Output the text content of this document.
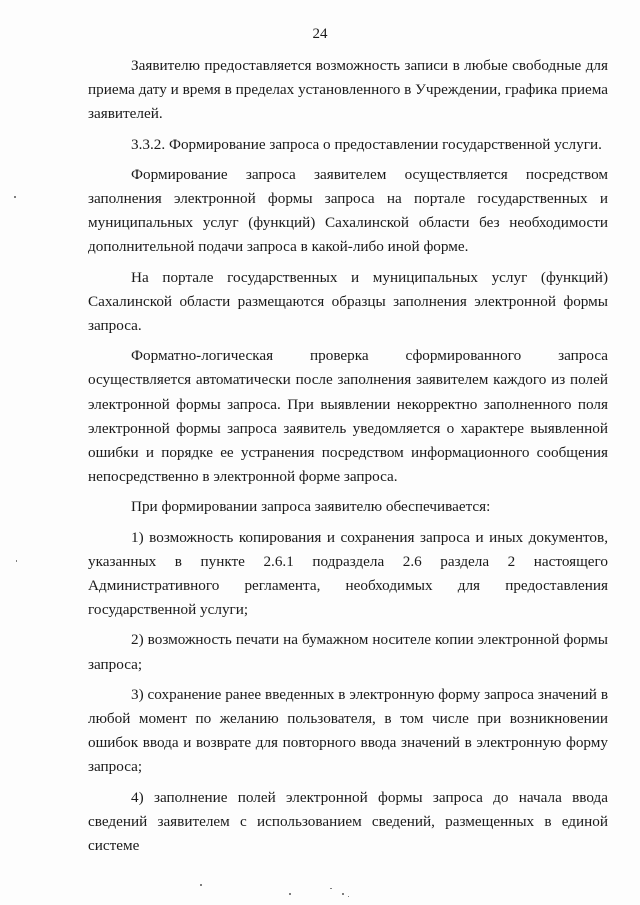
24

Заявителю предоставляется возможность записи в любые свободные для приема дату и время в пределах установленного в Учреждении, графика приема заявителей.

3.3.2. Формирование запроса о предоставлении государственной услуги.

Формирование запроса заявителем осуществляется посредством заполнения электронной формы запроса на портале государственных и муниципальных услуг (функций) Сахалинской области без необходимости дополнительной подачи запроса в какой-либо иной форме.

На портале государственных и муниципальных услуг (функций) Сахалинской области размещаются образцы заполнения электронной формы запроса.

Форматно-логическая проверка сформированного запроса осуществляется автоматически после заполнения заявителем каждого из полей электронной формы запроса. При выявлении некорректно заполненного поля электронной формы запроса заявитель уведомляется о характере выявленной ошибки и порядке ее устранения посредством информационного сообщения непосредственно в электронной форме запроса.

При формировании запроса заявителю обеспечивается:

1) возможность копирования и сохранения запроса и иных документов, указанных в пункте 2.6.1 подраздела 2.6 раздела 2 настоящего Административного регламента, необходимых для предоставления государственной услуги;

2) возможность печати на бумажном носителе копии электронной формы запроса;

3) сохранение ранее введенных в электронную форму запроса значений в любой момент по желанию пользователя, в том числе при возникновении ошибок ввода и возврате для повторного ввода значений в электронную форму запроса;

4) заполнение полей электронной формы запроса до начала ввода сведений заявителем с использованием сведений, размещенных в единой системе
